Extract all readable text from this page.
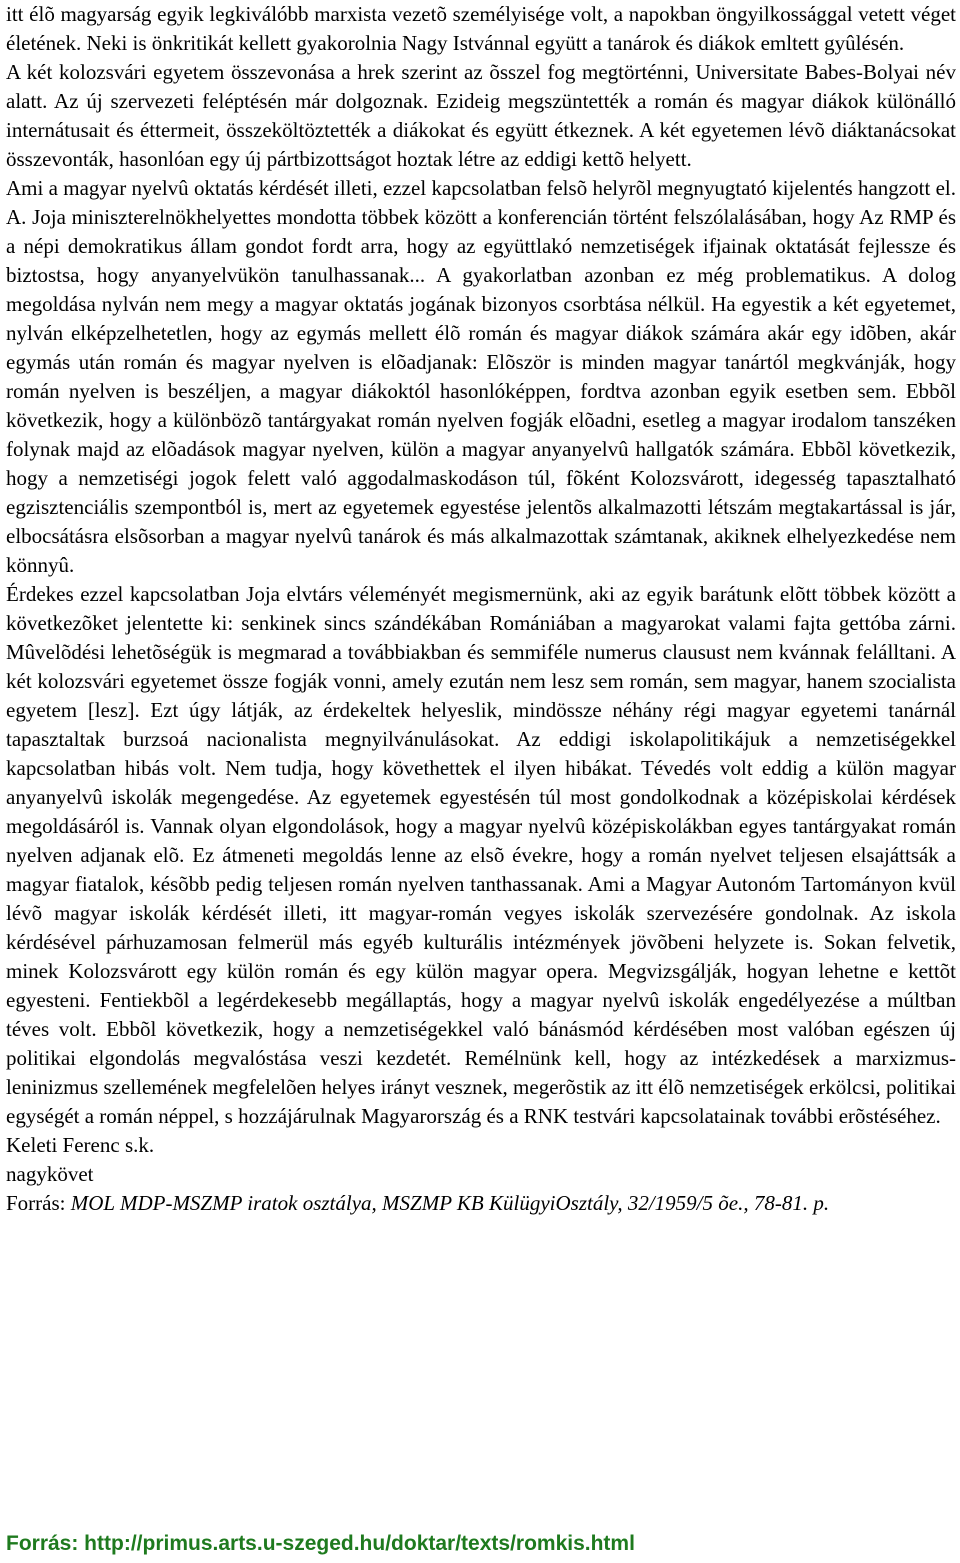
itt élõ magyarság egyik legkiválóbb marxista vezetõ személyisége volt, a napokban öngyilkossággal vetett véget életének. Neki is önkritikát kellett gyakorolnia Nagy Istvánnal együtt a tanárok és diákok emltett gyûlésén.

A két kolozsvári egyetem összevonása a hrek szerint az õsszel fog megtörténni, Universitate Babes-Bolyai név alatt. Az új szervezeti feléptésén már dolgoznak. Ezideig megszüntették a román és magyar diákok különálló internátusait és éttermeit, összeköltöztették a diákokat és együtt étkeznek. A két egyetemen lévõ diáktanácsokat összevonták, hasonlóan egy új pártbizottságot hoztak létre az eddigi kettõ helyett.

Ami a magyar nyelvû oktatás kérdését illeti, ezzel kapcsolatban felsõ helyrõl megnyugtató kijelentés hangzott el. A. Joja miniszterelnökhelyettes mondotta többek között a konferencián történt felszólalásában, hogy Az RMP és a népi demokratikus állam gondot fordt arra, hogy az együttlakó nemzetiségek ifjainak oktatását fejlessze és biztostsa, hogy anyanyelvükön tanulhassanak... A gyakorlatban azonban ez még problematikus. A dolog megoldása nylván nem megy a magyar oktatás jogának bizonyos csorbtása nélkül. Ha egyestik a két egyetemet, nylván elképzelhetetlen, hogy az egymás mellett élõ román és magyar diákok számára akár egy idõben, akár egymás után román és magyar nyelven is elõadjanak: Elõször is minden magyar tanártól megkvánják, hogy román nyelven is beszéljen, a magyar diákoktól hasonlóképpen, fordtva azonban egyik esetben sem. Ebbõl következik, hogy a különbözõ tantárgyakat román nyelven fogják elõadni, esetleg a magyar irodalom tanszéken folynak majd az elõadások magyar nyelven, külön a magyar anyanyelvû hallgatók számára. Ebbõl következik, hogy a nemzetiségi jogok felett való aggodalmaskodáson túl, fõként Kolozsvárott, idegesség tapasztalható egzisztenciális szempontból is, mert az egyetemek egyestése jelentõs alkalmazotti létszám megtakartással is jár, elbocsátásra elsõsorban a magyar nyelvû tanárok és más alkalmazottak számtanak, akiknek elhelyezkedése nem könnyû.

Érdekes ezzel kapcsolatban Joja elvtárs véleményét megismernünk, aki az egyik barátunk elõtt többek között a következõket jelentette ki: senkinek sincs szándékában Romániában a magyarokat valami fajta gettóba zárni. Mûvelõdési lehetõségük is megmarad a továbbiakban és semmiféle numerus clausust nem kvánnak felálltani. A két kolozsvári egyetemet össze fogják vonni, amely ezután nem lesz sem román, sem magyar, hanem szocialista egyetem [lesz]. Ezt úgy látják, az érdekeltek helyeslik, mindössze néhány régi magyar egyetemi tanárnál tapasztaltak burzsoá nacionalista megnyilvánulásokat. Az eddigi iskolapolitikájuk a nemzetiségekkel kapcsolatban hibás volt. Nem tudja, hogy követhettek el ilyen hibákat. Tévedés volt eddig a külön magyar anyanyelvû iskolák megengedése. Az egyetemek egyestésén túl most gondolkodnak a középiskolai kérdések megoldásáról is. Vannak olyan elgondolások, hogy a magyar nyelvû középiskolákban egyes tantárgyakat román nyelven adjanak elõ. Ez átmeneti megoldás lenne az elsõ évekre, hogy a román nyelvet teljesen elsajáttsák a magyar fiatalok, késõbb pedig teljesen román nyelven tanthassanak. Ami a Magyar Autonóm Tartományon kvül lévõ magyar iskolák kérdését illeti, itt magyar-román vegyes iskolák szervezésére gondolnak. Az iskola kérdésével párhuzamosan felmerül más egyéb kulturális intézmények jövõbeni helyzete is. Sokan felvetik, minek Kolozsvárott egy külön román és egy külön magyar opera. Megvizsgálják, hogyan lehetne e kettõt egyesteni. Fentiekbõl a legérdekesebb megállaptás, hogy a magyar nyelvû iskolák engedélyezése a múltban téves volt. Ebbõl következik, hogy a nemzetiségekkel való bánásmód kérdésében most valóban egészen új politikai elgondolás megvalóstása veszi kezdetét. Remélnünk kell, hogy az intézkedések a marxizmus-leninizmus szellemének megfelelõen helyes irányt vesznek, megerõstik az itt élõ nemzetiségek erkölcsi, politikai egységét a román néppel, s hozzájárulnak Magyarország és a RNK testvári kapcsolatainak további erõstéséhez.

Keleti Ferenc s.k.

nagykövet

Forrás: MOL MDP-MSZMP iratok osztálya, MSZMP KB KülügyiOsztály, 32/1959/5 õe., 78-81. p.

Forrás: http://primus.arts.u-szeged.hu/doktar/texts/romkis.html
